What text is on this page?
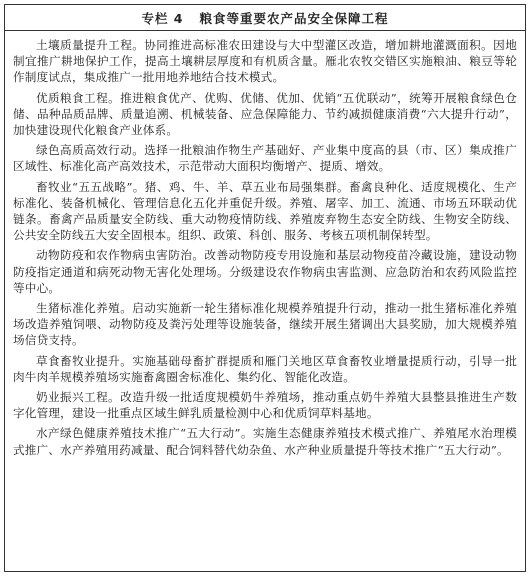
专栏 4 粮食等重要农产品安全保障工程

土壤质量提升工程。协同推进高标准农田建设与大中型灌区改造，增加耕地灌溉面积。因地制宜推广耕地保护工作，提高土壤耕层厚度和有机质含量。雁北农牧交错区实施粮油、粮豆等轮作制度试点，集成推广一批用地养地结合技术模式。

优质粮食工程。推进粮食优产、优购、优储、优加、优销“五优联动”，统筹开展粮食绿色仓储、品种品质品牌、质量追溯、机械装备、应急保障能力、节约减损健康消费“六大提升行动”，加快建设现代化粮食产业体系。

绿色高质高效行动。选择一批粮油作物生产基础好、产业集中度高的县（市、区）集成推广区域性、标准化高产高效技术，示范带动大面积均衡增产、提质、增效。

畜牧业“五五战略”。猪、鸡、牛、羊、草五业布局强集群。畜禽良种化、适度规模化、生产标准化、装备机械化、管理信息化五化并重促升级。养殖、屠宰、加工、流通、市场五环联动优链条。畜禽产品质量安全防线、重大动物疫情防线、养殖废弃物生态安全防线、生物安全防线、公共安全防线五大安全固根本。组织、政策、科创、服务、考核五项机制保转型。

动物防疫和农作物病虫害防治。改善动物防疫专用设施和基层动物疫苗冷藏设施，建设动物防疫指定通道和病死动物无害化处理场。分级建设农作物病虫害监测、应急防治和农药风险监控等中心。

生猪标准化养殖。启动实施新一轮生猪标准化规模养殖提升行动，推动一批生猪标准化养殖场改造养殖饲喂、动物防疫及粪污处理等设施装备，继续开展生猪调出大县奖励，加大规模养殖场信贷支持。

草食畜牧业提升。实施基础母畜扩群提质和雁门关地区草食畜牧业增量提质行动，引导一批肉牛肉羊规模养殖场实施畜禽圈舍标准化、集约化、智能化改造。

奶业振兴工程。改造升级一批适度规模奶牛养殖场，推动重点奶牛养殖大县整县推进生产数字化管理，建设一批重点区域生鲜乳质量检测中心和优质饲草料基地。

水产绿色健康养殖技术推广“五大行动”。实施生态健康养殖技术模式推广、养殖尾水治理模式推广、水产养殖用药减量、配合饲料替代幼杂鱼、水产种业质量提升等技术推广“五大行动”。
